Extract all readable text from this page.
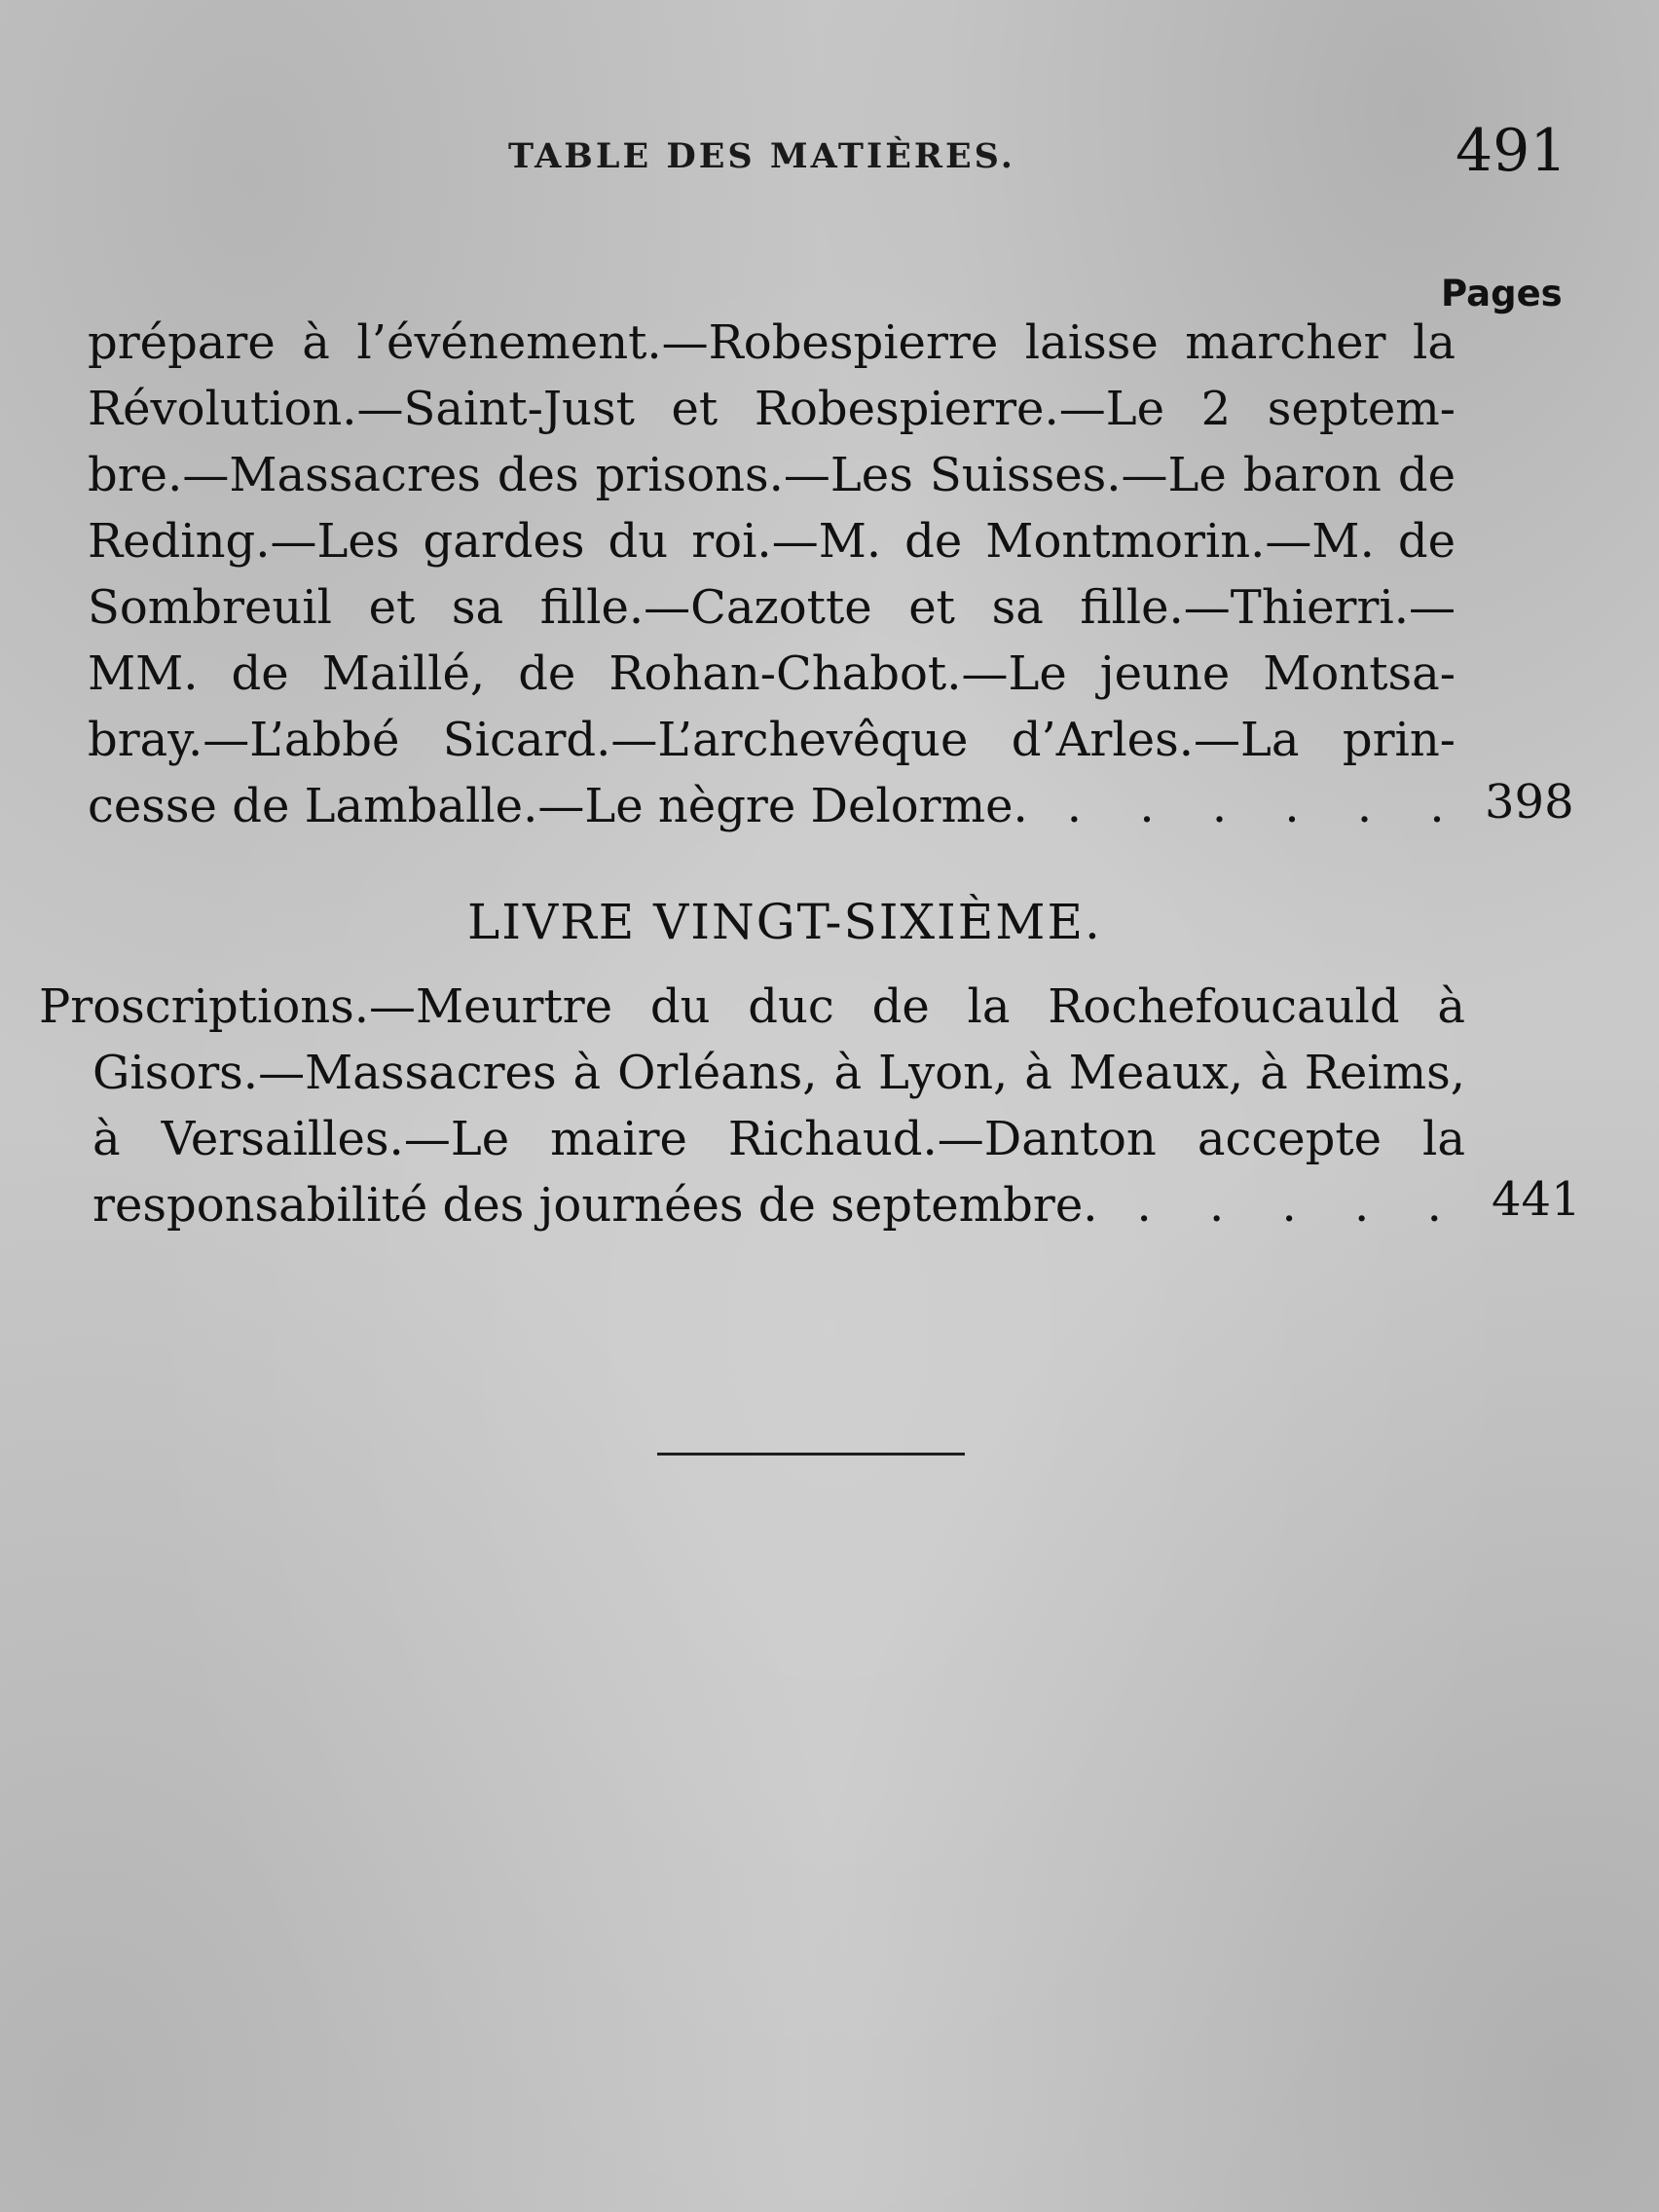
TABLE DES MATIÈRES.	491
Pages
prépare à l’événement.—Robespierre laisse marcher la
Révolution.—Saint-Just et Robespierre.—Le 2 septem-
bre.—Massacres des prisons.—Les Suisses.—Le baron de
Reding.—Les gardes du roi.—M. de Montmorin.—M. de
Sombreuil et sa fille.—Cazotte et sa fille.—Thierri.—
MM. de Maillé, de Rohan-Chabot.—Le jeune Montsa-
bray.—L’abbé Sicard.—L’archevêque d’Arles.—La prin-
cesse de Lamballe.—Le nègre Delorme. . . . . . . 398
LIVRE VINGT-SIXIÈME.
Proscriptions.—Meurtre du duc de la Rochefoucauld à
Gisors.—Massacres à Orléans, à Lyon, à Meaux, à Reims,
à Versailles.—Le maire Richaud.—Danton accepte la
responsabilité des journées de septembre. . . . . . 441
